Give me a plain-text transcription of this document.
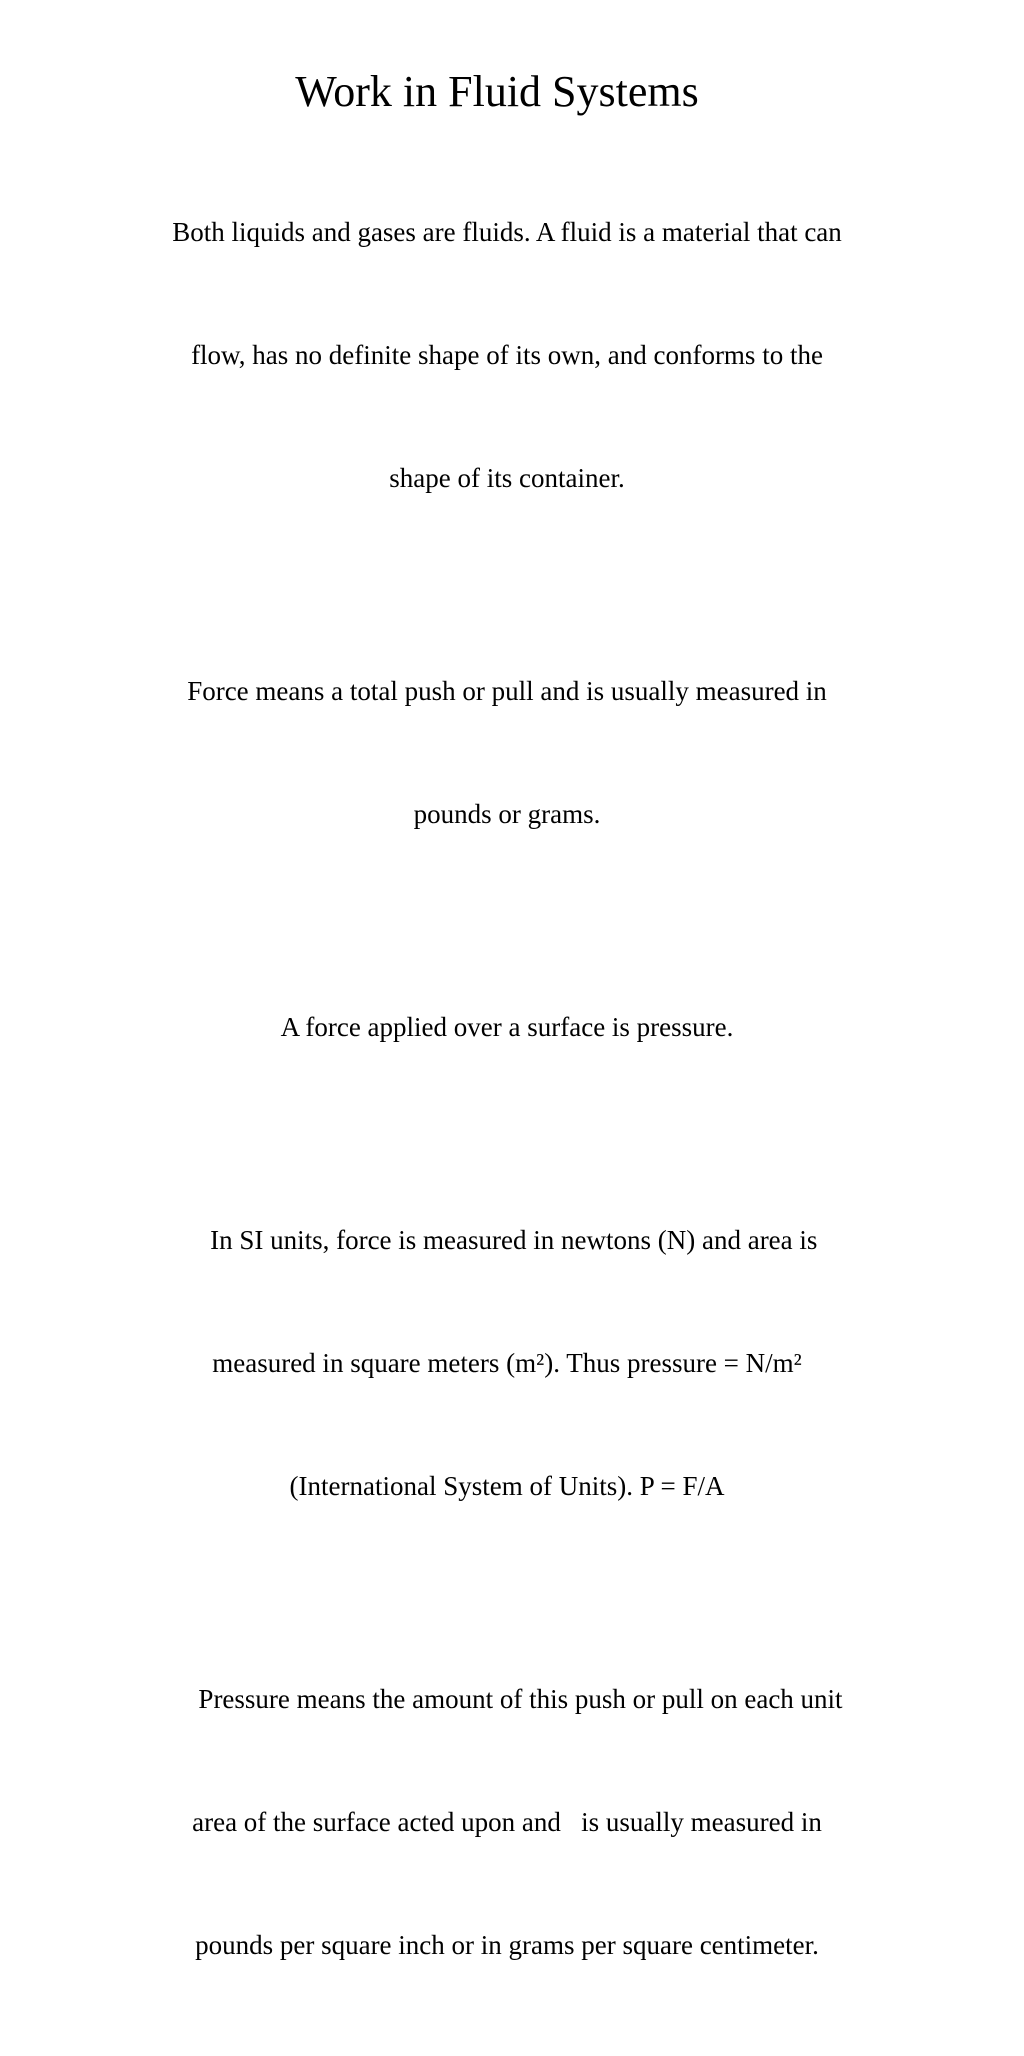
Work in Fluid Systems

Both liquids and gases are fluids. A fluid is a material that can

flow, has no definite shape of its own, and conforms to the

shape of its container.

Force means a total push or pull and is usually measured in

pounds or grams.

A force applied over a surface is pressure.

In SI units, force is measured in newtons (N) and area is

measured in square meters (m²). Thus pressure = N/m²

(International System of Units). P = F/A

Pressure means the amount of this push or pull on each unit

area of the surface acted upon and   is usually measured in

pounds per square inch or in grams per square centimeter.
